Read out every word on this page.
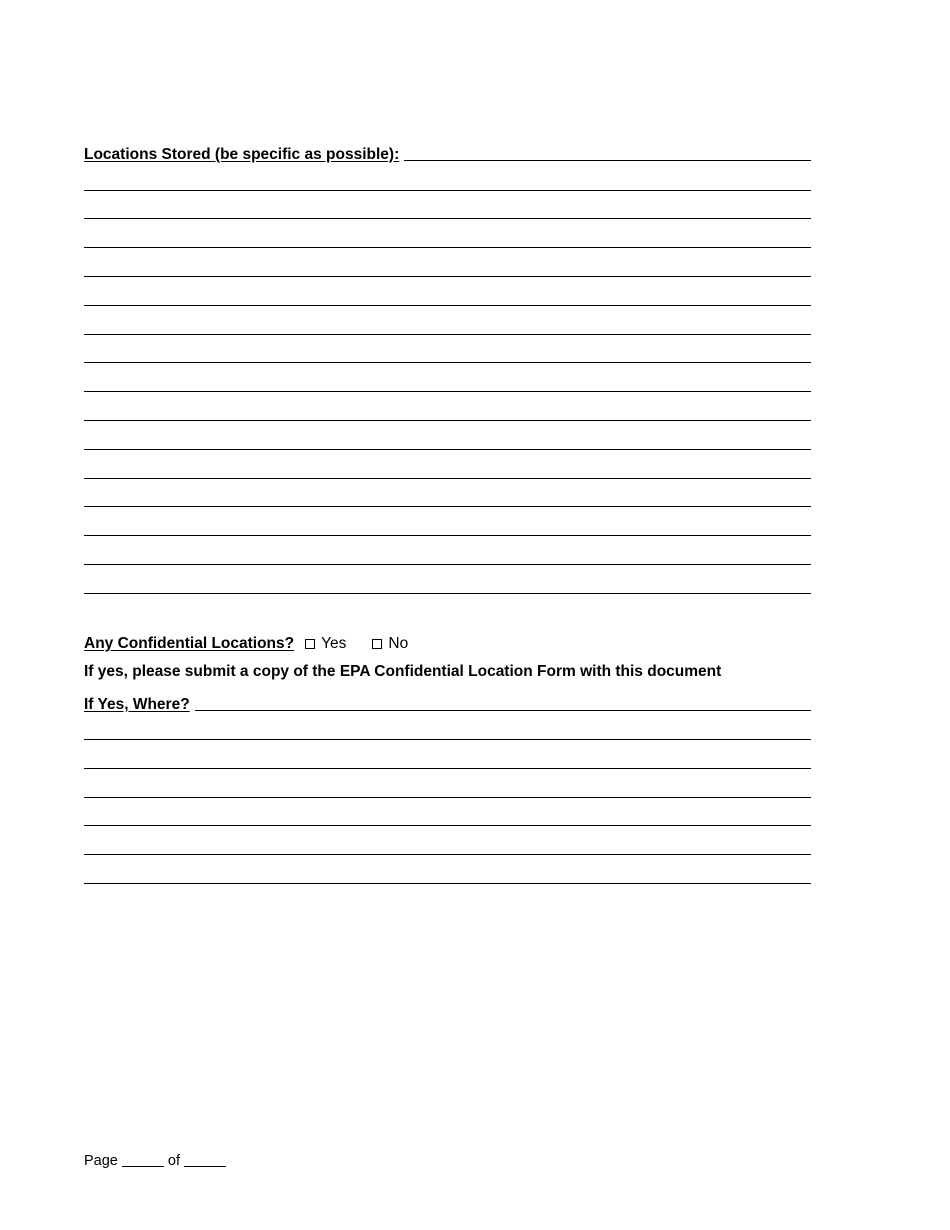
Locations Stored (be specific as possible):
Any Confidential Locations? Yes	No
If yes, please submit a copy of the EPA Confidential Location Form with this document
If Yes, Where?
Page	of
